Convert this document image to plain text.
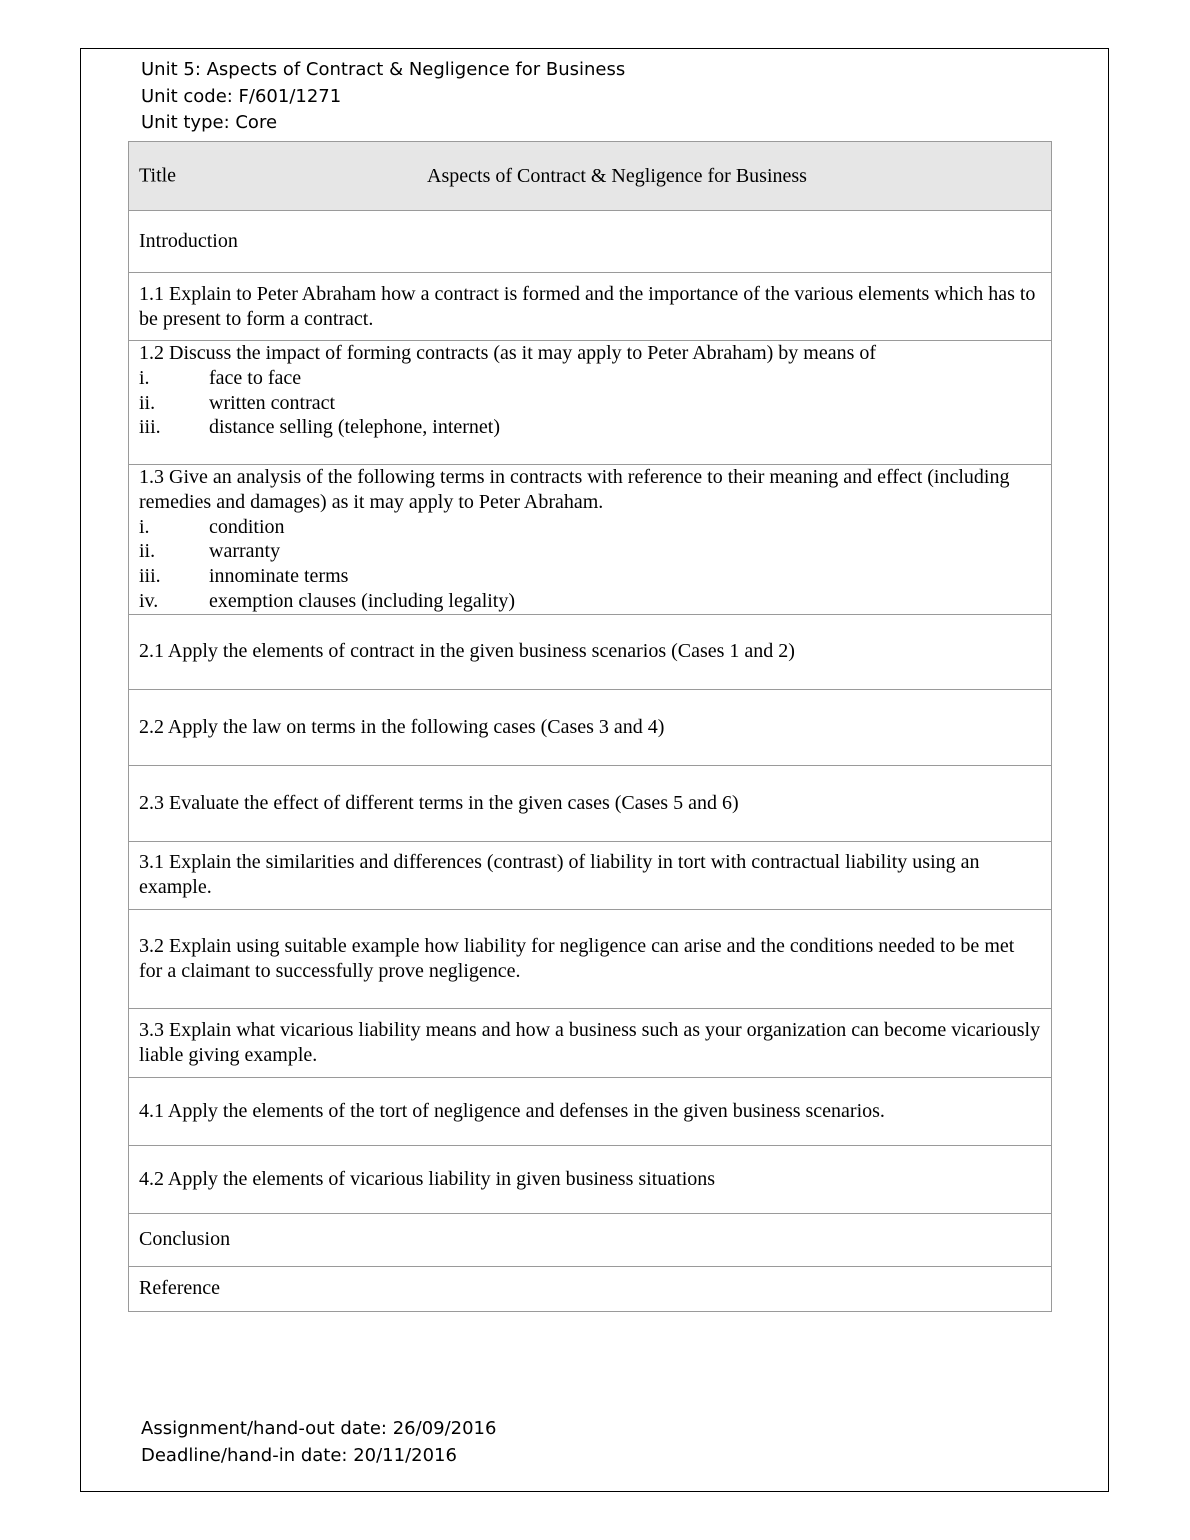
Unit 5: Aspects of Contract & Negligence for Business
Unit code: F/601/1271
Unit type: Core
Title	Aspects of Contract & Negligence for Business

Introduction
1.1 Explain to Peter Abraham how a contract is formed and the importance of the various elements which has to be present to form a contract.

1.2 Discuss the impact of forming contracts (as it may apply to Peter Abraham) by means of
i.	face to face
ii.	written contract
iii.	distance selling (telephone, internet)

1.3 Give an analysis of the following terms in contracts with reference to their meaning and effect (including remedies and damages) as it may apply to Peter Abraham.
i.	condition
ii.	warranty
iii.	innominate terms
iv.	exemption clauses (including legality)

2.1 Apply the elements of contract in the given business scenarios (Cases 1 and 2)
2.2 Apply the law on terms in the following cases (Cases 3 and 4)
2.3 Evaluate the effect of different terms in the given cases (Cases 5 and 6)
3.1 Explain the similarities and differences (contrast) of liability in tort with contractual liability using an example.
3.2 Explain using suitable example how liability for negligence can arise and the conditions needed to be met for a claimant to successfully prove negligence.
3.3 Explain what vicarious liability means and how a business such as your organization can become vicariously liable giving example.
4.1 Apply the elements of the tort of negligence and defenses in the given business scenarios.
4.2 Apply the elements of vicarious liability in given business situations
Conclusion
Reference
Assignment/hand-out date: 26/09/2016
Deadline/hand-in date: 20/11/2016
